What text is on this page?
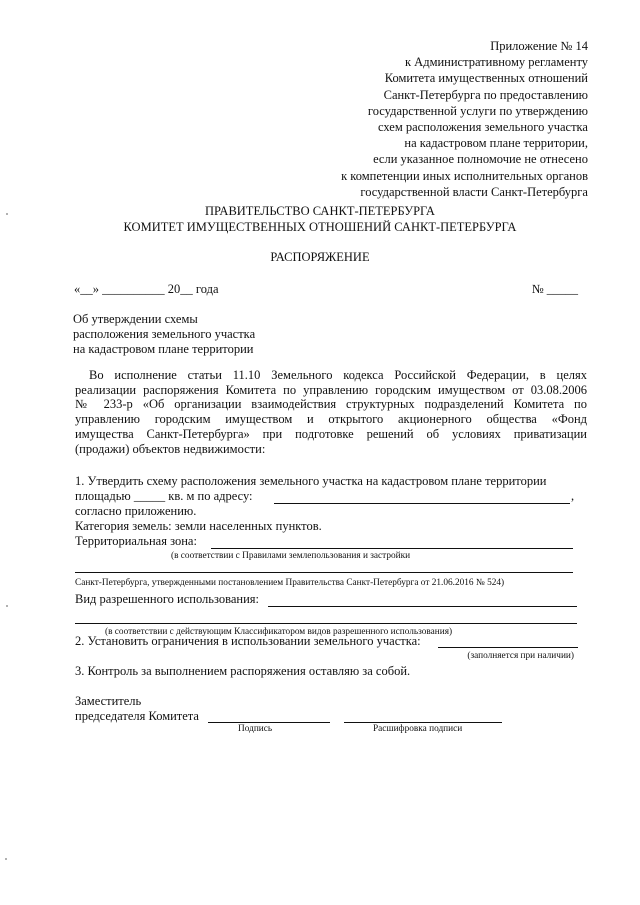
Приложение № 14
к Административному регламенту
Комитета имущественных отношений
Санкт-Петербурга по предоставлению
государственной услуги по утверждению
схем расположения земельного участка
на кадастровом плане территории,
если указанное полномочие не отнесено
к компетенции иных исполнительных органов
государственной власти Санкт-Петербурга
ПРАВИТЕЛЬСТВО САНКТ-ПЕТЕРБУРГА
КОМИТЕТ ИМУЩЕСТВЕННЫХ ОТНОШЕНИЙ САНКТ-ПЕТЕРБУРГА
РАСПОРЯЖЕНИЕ
«__» __________ 20__ года	№ _____
Об утверждении схемы
расположения земельного участка
на кадастровом плане территории
Во исполнение статьи 11.10 Земельного кодекса Российской Федерации, в целях
реализации распоряжения Комитета по управлению городским имуществом от 03.08.2006
№ 233-р «Об организации взаимодействия структурных подразделений Комитета по
управлению городским имуществом и открытого акционерного общества «Фонд
имущества Санкт-Петербурга» при подготовке решений об условиях приватизации
(продажи) объектов недвижимости:
1. Утвердить схему расположения земельного участка на кадастровом плане территории
площадью _____ кв. м по адресу:	,
согласно приложению.
Категория земель: земли населенных пунктов.
Территориальная зона:
(в соответствии с Правилами землепользования и застройки
Санкт-Петербурга, утвержденными постановлением Правительства Санкт-Петербурга от 21.06.2016 № 524)
Вид разрешенного использования:
(в соответствии с действующим Классификатором видов разрешенного использования)
2. Установить ограничения в использовании земельного участка:
(заполняется при наличии)
3. Контроль за выполнением распоряжения оставляю за собой.
Заместитель
председателя Комитета
Подпись	Расшифровка подписи
